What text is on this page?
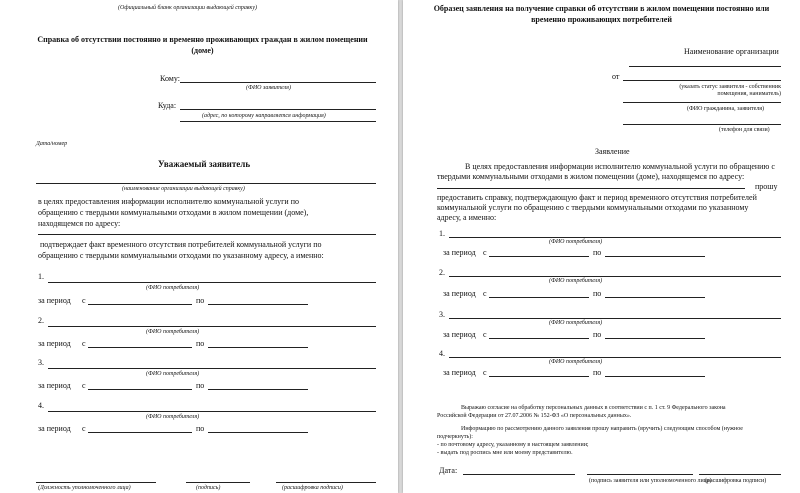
(Официальный бланк организации выдающей справку)
Справка об отсутствии постоянно и временно проживающих граждан в жилом помещении (доме)
Кому:
(ФИО заявителя)
Куда:
(адрес, по которому направляется информация)
Дата/номер
Уважаемый заявитель
(наименование организации выдающей справку)
в целях предоставления информации исполнителю коммунальной услуги по
обращению с твердыми коммунальными отходами в жилом помещении (доме),
находящемся по адресу:
подтверждает факт временного отсутствия потребителей коммунальной услуги по
обращению с твердыми коммунальными отходами по указанному адресу, а именно:
1.
(ФИО потребителя)
за период с	по
2.
(ФИО потребителя)
за период с	по
3.
(ФИО потребителя)
за период с	по
4.
(ФИО потребителя)
за период с	по
(Должность уполномоченного лица)	(подпись)	(расшифровка подписи)
Образец заявления на получение справки об отсутствии в жилом помещении постоянно или временно проживающих потребителей
Наименование организации
от
(указать статус заявителя - собственник помещения, наниматель)
(ФИО гражданина, заявителя)
(телефон для связи)
Заявление
В целях предоставления информации исполнителю коммунальной услуги по обращению с
твердыми коммунальными отходами в жилом помещении (доме), находящемся по адресу:
прошу
предоставить справку, подтверждающую факт и период временного отсутствия потребителей
коммунальной услуги по обращению с твердыми коммунальными отходами по указанному
адресу, а именно:
1.
(ФИО потребителя)
за период с	по
2.
(ФИО потребителя)
за период с	по
3.
(ФИО потребителя)
за период с	по
4.
(ФИО потребителя)
за период с	по
Выражаю согласие на обработку персональных данных в соответствии с п. 1 ст. 9 Федерального закона
Российской Федерации от 27.07.2006 № 152-ФЗ «О персональных данных».
Информацию по рассмотрению данного заявления прошу направить (вручить) следующим способом (нужное
подчеркнуть):
- по почтовому адресу, указанному в настоящем заявлении;
- выдать под роспись мне или моему представителю.
Дата:
(подпись заявителя или уполномоченного лица)
(расшифровка подписи)
